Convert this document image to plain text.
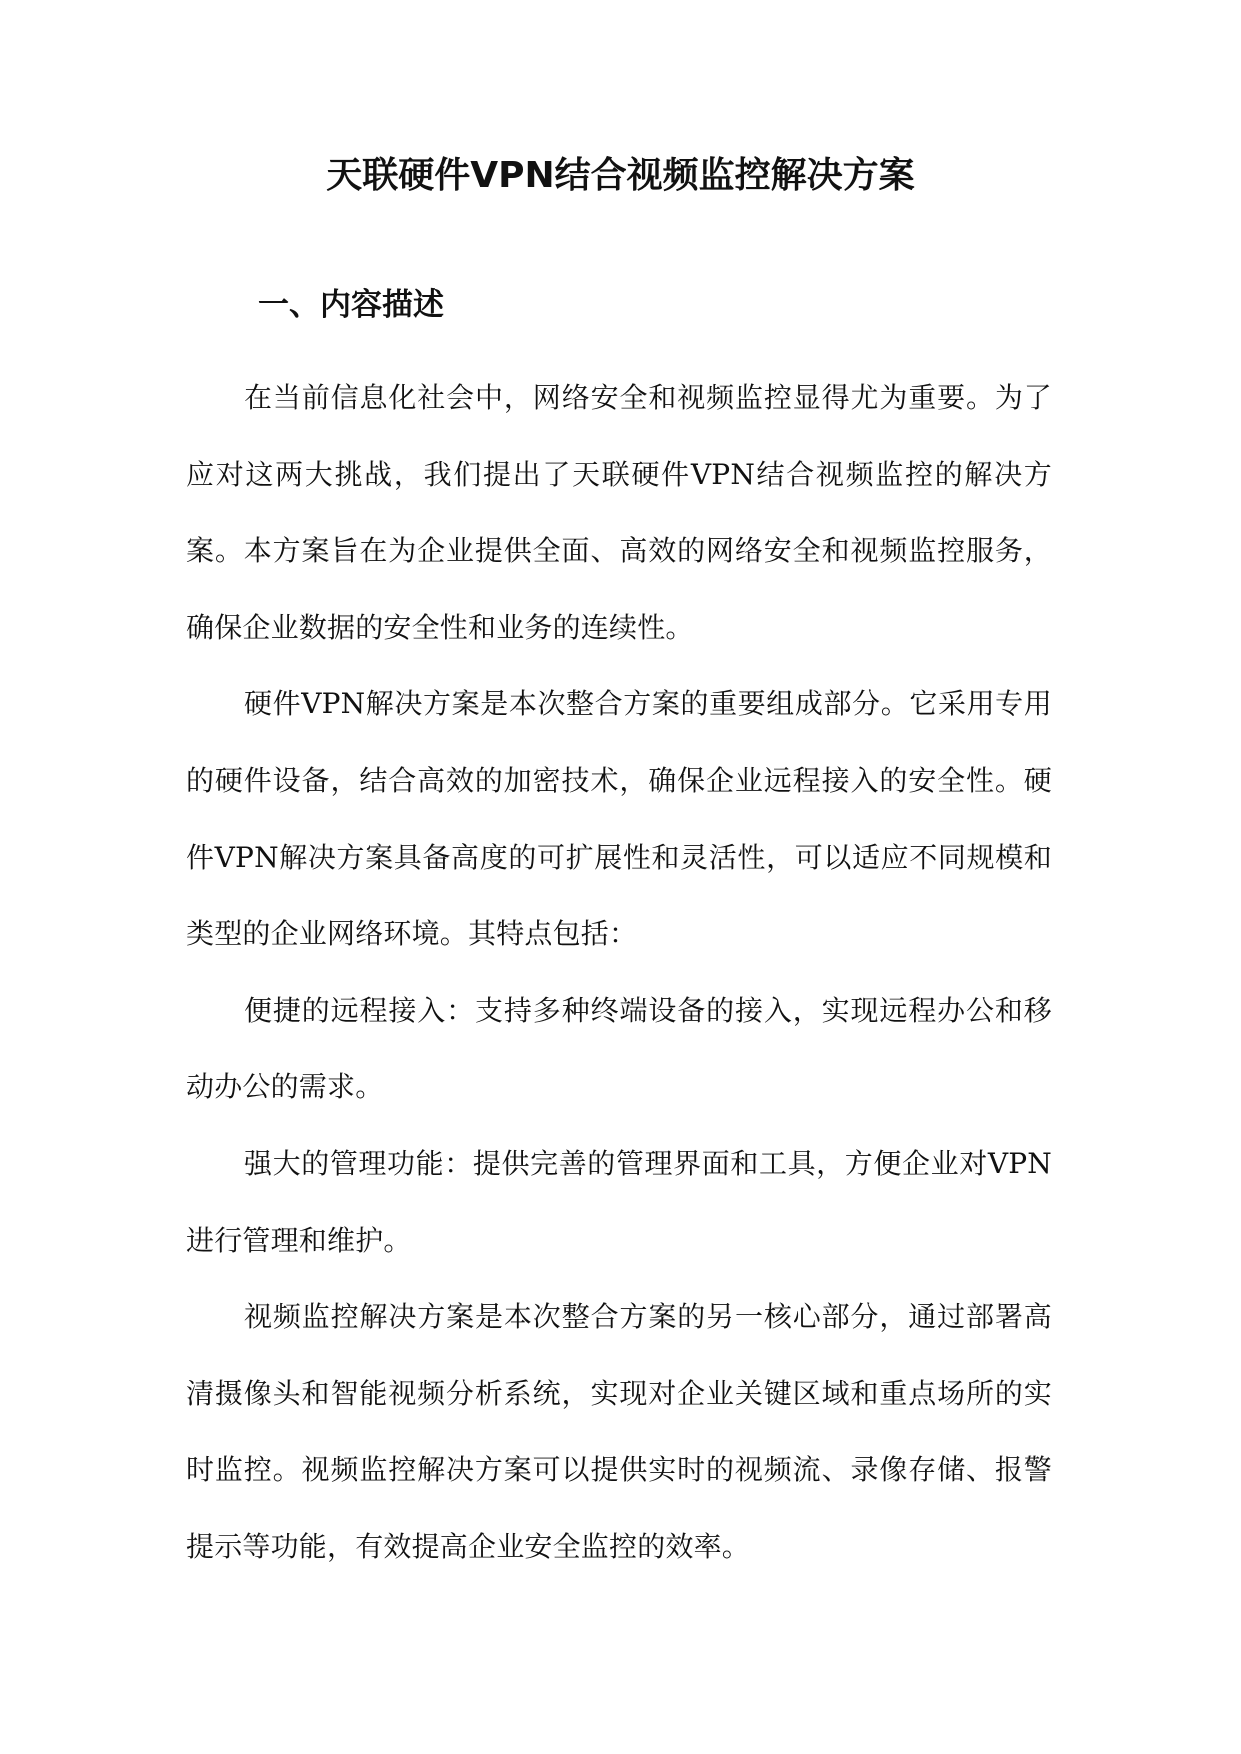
天联硬件VPN结合视频监控解决方案
一、内容描述

在当前信息化社会中，网络安全和视频监控显得尤为重要。为了应对这两大挑战，我们提出了天联硬件VPN结合视频监控的解决方案。本方案旨在为企业提供全面、高效的网络安全和视频监控服务，确保企业数据的安全性和业务的连续性。

硬件VPN解决方案是本次整合方案的重要组成部分。它采用专用的硬件设备，结合高效的加密技术，确保企业远程接入的安全性。硬件VPN解决方案具备高度的可扩展性和灵活性，可以适应不同规模和类型的企业网络环境。其特点包括：

便捷的远程接入：支持多种终端设备的接入，实现远程办公和移动办公的需求。

强大的管理功能：提供完善的管理界面和工具，方便企业对VPN进行管理和维护。

视频监控解决方案是本次整合方案的另一核心部分，通过部署高清摄像头和智能视频分析系统，实现对企业关键区域和重点场所的实时监控。视频监控解决方案可以提供实时的视频流、录像存储、报警提示等功能，有效提高企业安全监控的效率。
